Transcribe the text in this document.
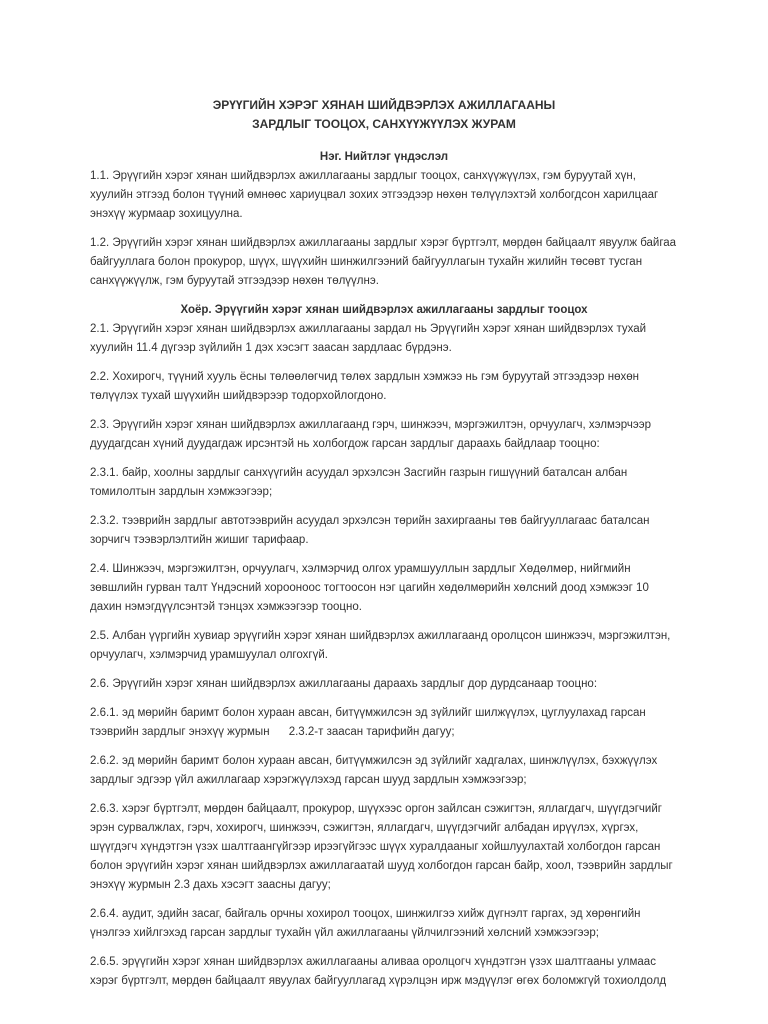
ЭРҮҮГИЙН ХЭРЭГ ХЯНАН ШИЙДВЭРЛЭХ АЖИЛЛАГААНЫ

ЗАРДЛЫГ ТООЦОХ, САНХҮҮЖҮҮЛЭХ ЖУРАМ

Нэг. Нийтлэг үндэслэл

1.1. Эрүүгийн хэрэг хянан шийдвэрлэх ажиллагааны зардлыг тооцох, санхүүжүүлэх, гэм буруутай хүн, хуулийн этгээд болон түүний өмнөөс хариуцвал зохих этгээдээр нөхөн төлүүлэхтэй холбогдсон харилцааг энэхүү журмаар зохицуулна.

1.2. Эрүүгийн хэрэг хянан шийдвэрлэх ажиллагааны зардлыг хэрэг бүртгэлт, мөрдөн байцаалт явуулж байгаа байгууллага болон прокурор, шүүх, шүүхийн шинжилгээний байгууллагын тухайн жилийн төсөвт тусган санхүүжүүлж, гэм буруутай этгээдээр нөхөн төлүүлнэ.

Хоёр. Эрүүгийн хэрэг хянан шийдвэрлэх ажиллагааны зардлыг тооцох

2.1. Эрүүгийн хэрэг хянан шийдвэрлэх ажиллагааны зардал нь Эрүүгийн хэрэг хянан шийдвэрлэх тухай хуулийн 11.4 дүгээр зүйлийн 1 дэх хэсэгт заасан зардлаас бүрдэнэ.

2.2. Хохирогч, түүний хууль ёсны төлөөлөгчид төлөх зардлын хэмжээ нь гэм буруутай этгээдээр нөхөн төлүүлэх тухай шүүхийн шийдвэрээр тодорхойлогдоно.

2.3. Эрүүгийн хэрэг хянан шийдвэрлэх ажиллагаанд гэрч, шинжээч, мэргэжилтэн, орчуулагч, хэлмэрчээр дуудагдсан хүний дуудагдаж ирсэнтэй нь холбогдож гарсан зардлыг дараахь байдлаар тооцно:

2.3.1. байр, хоолны зардлыг санхүүгийн асуудал эрхэлсэн Засгийн газрын гишүүний баталсан албан томилолтын зардлын хэмжээгээр;

2.3.2. тээврийн зардлыг автотээврийн асуудал эрхэлсэн төрийн захиргааны төв байгууллагаас баталсан зорчигч тээвэрлэлтийн жишиг тарифаар.

2.4. Шинжээч, мэргэжилтэн, орчуулагч, хэлмэрчид олгох урамшууллын зардлыг Хөдөлмөр, нийгмийн зөвшлийн гурван талт Үндэсний хорооноос тогтоосон нэг цагийн хөдөлмөрийн хөлсний доод хэмжээг 10 дахин нэмэгдүүлсэнтэй тэнцэх хэмжээгээр тооцно.

2.5. Албан үүргийн хувиар эрүүгийн хэрэг хянан шийдвэрлэх ажиллагаанд оролцсон шинжээч, мэргэжилтэн, орчуулагч, хэлмэрчид урамшуулал олгохгүй.

2.6. Эрүүгийн хэрэг хянан шийдвэрлэх ажиллагааны дараахь зардлыг дор дурдсанаар тооцно:

2.6.1. эд мөрийн баримт болон хураан авсан, битүүмжилсэн эд зүйлийг шилжүүлэх, цуглуулахад гарсан тээврийн зардлыг энэхүү журмын      2.3.2-т заасан тарифийн дагуу;

2.6.2. эд мөрийн баримт болон хураан авсан, битүүмжилсэн эд зүйлийг хадгалах, шинжлүүлэх, бэхжүүлэх зардлыг эдгээр үйл ажиллагаар хэрэгжүүлэхэд гарсан шууд зардлын хэмжээгээр;

2.6.3. хэрэг бүртгэлт, мөрдөн байцаалт, прокурор, шүүхээс оргон зайлсан сэжигтэн, яллагдагч, шүүгдэгчийг эрэн сурвалжлах, гэрч, хохирогч, шинжээч, сэжигтэн, яллагдагч, шүүгдэгчийг албадан ирүүлэх, хүргэх, шүүгдэгч хүндэтгэн үзэх шалтгаангүйгээр ирээгүйгээс шүүх хуралдааныг хойшлуулахтай холбогдон гарсан болон эрүүгийн хэрэг хянан шийдвэрлэх ажиллагаатай шууд холбогдон гарсан байр, хоол, тээврийн зардлыг энэхүү журмын 2.3 дахь хэсэгт заасны дагуу;

2.6.4. аудит, эдийн засаг, байгаль орчны хохирол тооцох, шинжилгээ хийж дүгнэлт гаргах, эд хөрөнгийн үнэлгээ хийлгэхэд гарсан зардлыг тухайн үйл ажиллагааны үйлчилгээний хөлсний хэмжээгээр;

2.6.5. эрүүгийн хэрэг хянан шийдвэрлэх ажиллагааны аливаа оролцогч хүндэтгэн үзэх шалтгааны улмаас хэрэг бүртгэлт, мөрдөн байцаалт явуулах байгууллагад хүрэлцэн ирж мэдүүлэг өгөх боломжгүй тохиолдолд
